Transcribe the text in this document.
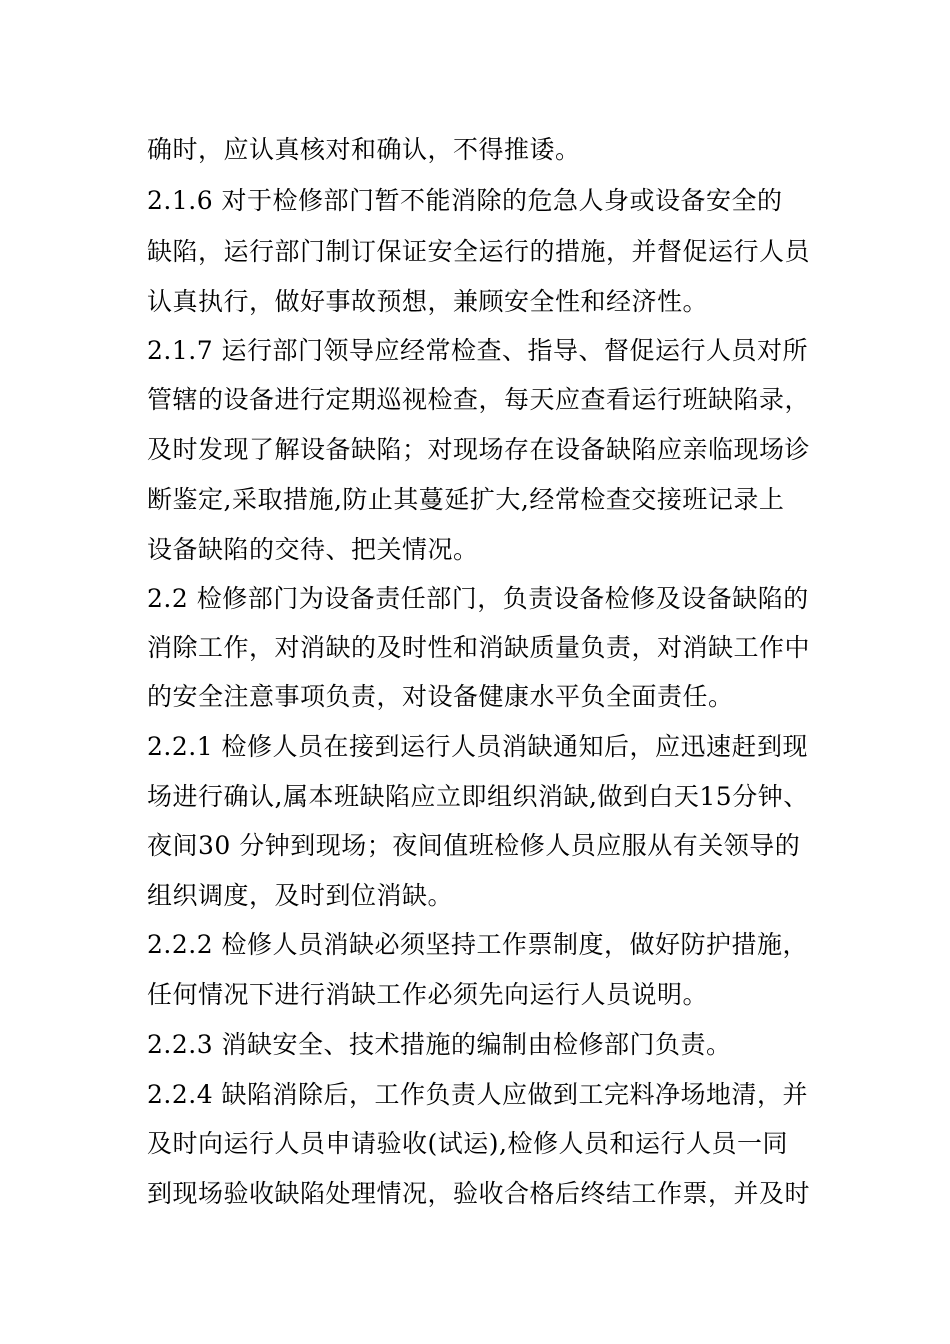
确时，应认真核对和确认，不得推诿。

2.1.6 对于检修部门暂不能消除的危急人身或设备安全的

缺陷，运行部门制订保证安全运行的措施，并督促运行人员

认真执行，做好事故预想，兼顾安全性和经济性。

2.1.7 运行部门领导应经常检查、指导、督促运行人员对所

管辖的设备进行定期巡视检查，每天应查看运行班缺陷录，

及时发现了解设备缺陷；对现场存在设备缺陷应亲临现场诊

断鉴定,采取措施,防止其蔓延扩大,经常检查交接班记录上

设备缺陷的交待、把关情况。

2.2 检修部门为设备责任部门，负责设备检修及设备缺陷的

消除工作，对消缺的及时性和消缺质量负责，对消缺工作中

的安全注意事项负责，对设备健康水平负全面责任。

2.2.1 检修人员在接到运行人员消缺通知后，应迅速赶到现

场进行确认,属本班缺陷应立即组织消缺,做到白天15分钟、

夜间30 分钟到现场；夜间值班检修人员应服从有关领导的

组织调度，及时到位消缺。

2.2.2 检修人员消缺必须坚持工作票制度，做好防护措施，

任何情况下进行消缺工作必须先向运行人员说明。

2.2.3 消缺安全、技术措施的编制由检修部门负责。

2.2.4 缺陷消除后，工作负责人应做到工完料净场地清，并

及时向运行人员申请验收(试运),检修人员和运行人员一同

到现场验收缺陷处理情况，验收合格后终结工作票，并及时
